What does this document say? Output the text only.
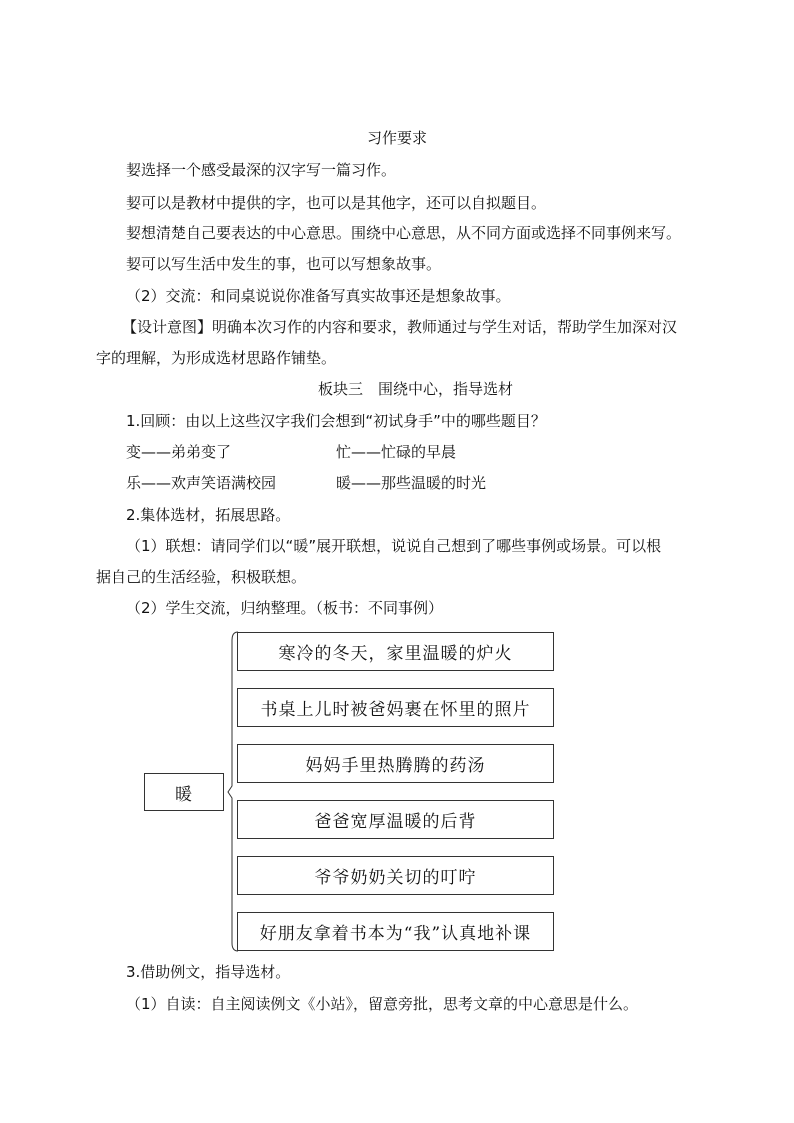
习作要求
㛃选择一个感受最深的汉字写一篇习作。
㛃可以是教材中提供的字，也可以是其他字，还可以自拟题目。
㛃想清楚自己要表达的中心意思。围绕中心意思，从不同方面或选择不同事例来写。
㛃可以写生活中发生的事，也可以写想象故事。
（2）交流：和同桌说说你准备写真实故事还是想象故事。
【设计意图】明确本次习作的内容和要求，教师通过与学生对话，帮助学生加深对汉
字的理解，为形成选材思路作铺垫。
板块三　围绕中心，指导选材
1.回顾：由以上这些汉字我们会想到“初试身手”中的哪些题目？
变——弟弟变了	忙——忙碌的早晨
乐——欢声笑语满校园	暖——那些温暖的时光
2.集体选材，拓展思路。
（1）联想：请同学们以“暖”展开联想，说说自己想到了哪些事例或场景。可以根
据自己的生活经验，积极联想。
（2）学生交流，归纳整理。（板书：不同事例）
暖
寒冷的冬天，家里温暖的炉火
书桌上儿时被爸妈裹在怀里的照片
妈妈手里热腾腾的药汤
爸爸宽厚温暖的后背
爷爷奶奶关切的叮咛
好朋友拿着书本为“我”认真地补课
3.借助例文，指导选材。
（1）自读：自主阅读例文《小站》，留意旁批，思考文章的中心意思是什么。
